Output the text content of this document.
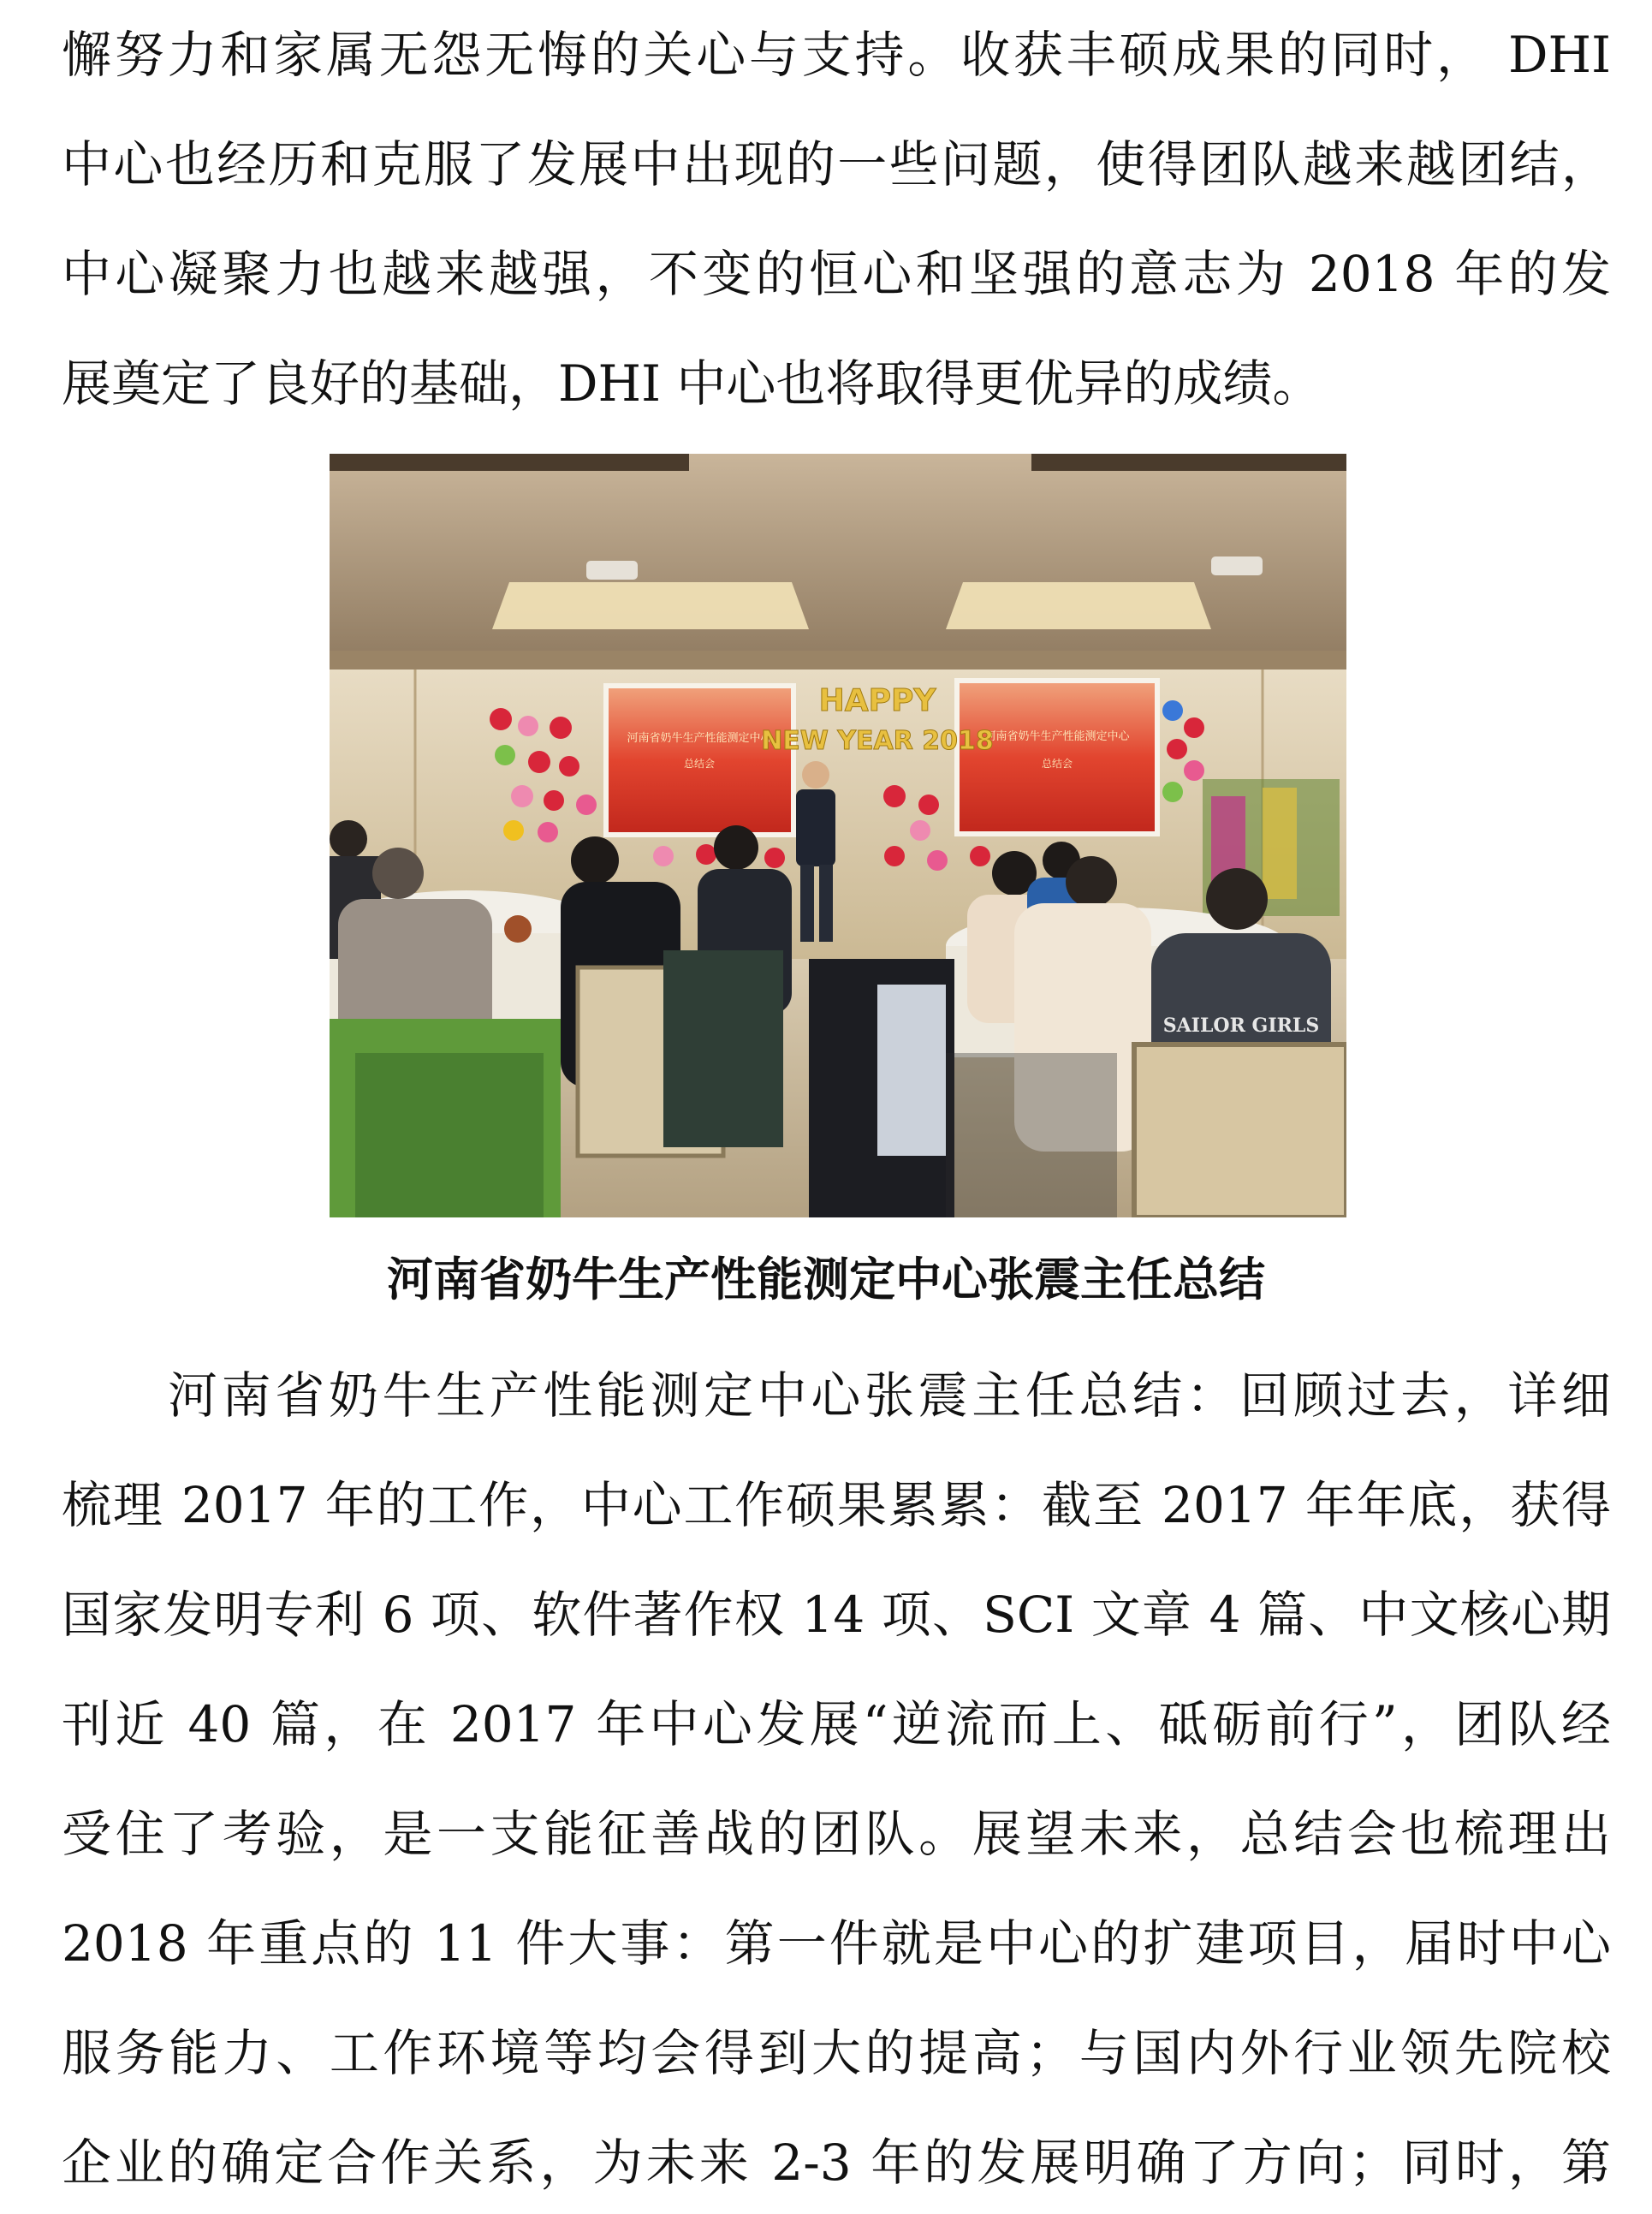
懈努力和家属无怨无悔的关心与支持。收获丰硕成果的同时， DHI
中心也经历和克服了发展中出现的一些问题，使得团队越来越团结，
中心凝聚力也越来越强，不变的恒心和坚强的意志为 2018 年的发
展奠定了良好的基础，DHI 中心也将取得更优异的成绩。
河南省奶牛生产性能测定中心
总结会
河南省奶牛生产性能测定中心
总结会
HAPPY
NEW YEAR 2018
SAILOR GIRLS
河南省奶牛生产性能测定中心张震主任总结
河南省奶牛生产性能测定中心张震主任总结：回顾过去，详细
梳理 2017 年的工作，中心工作硕果累累：截至 2017 年年底，获得
国家发明专利 6 项、软件著作权 14 项、SCI 文章 4 篇、中文核心期
刊近 40 篇，在 2017 年中心发展“逆流而上、砥砺前行”，团队经
受住了考验，是一支能征善战的团队。展望未来，总结会也梳理出
2018 年重点的 11 件大事：第一件就是中心的扩建项目，届时中心
服务能力、工作环境等均会得到大的提高；与国内外行业领先院校
企业的确定合作关系，为未来 2-3 年的发展明确了方向；同时，第
